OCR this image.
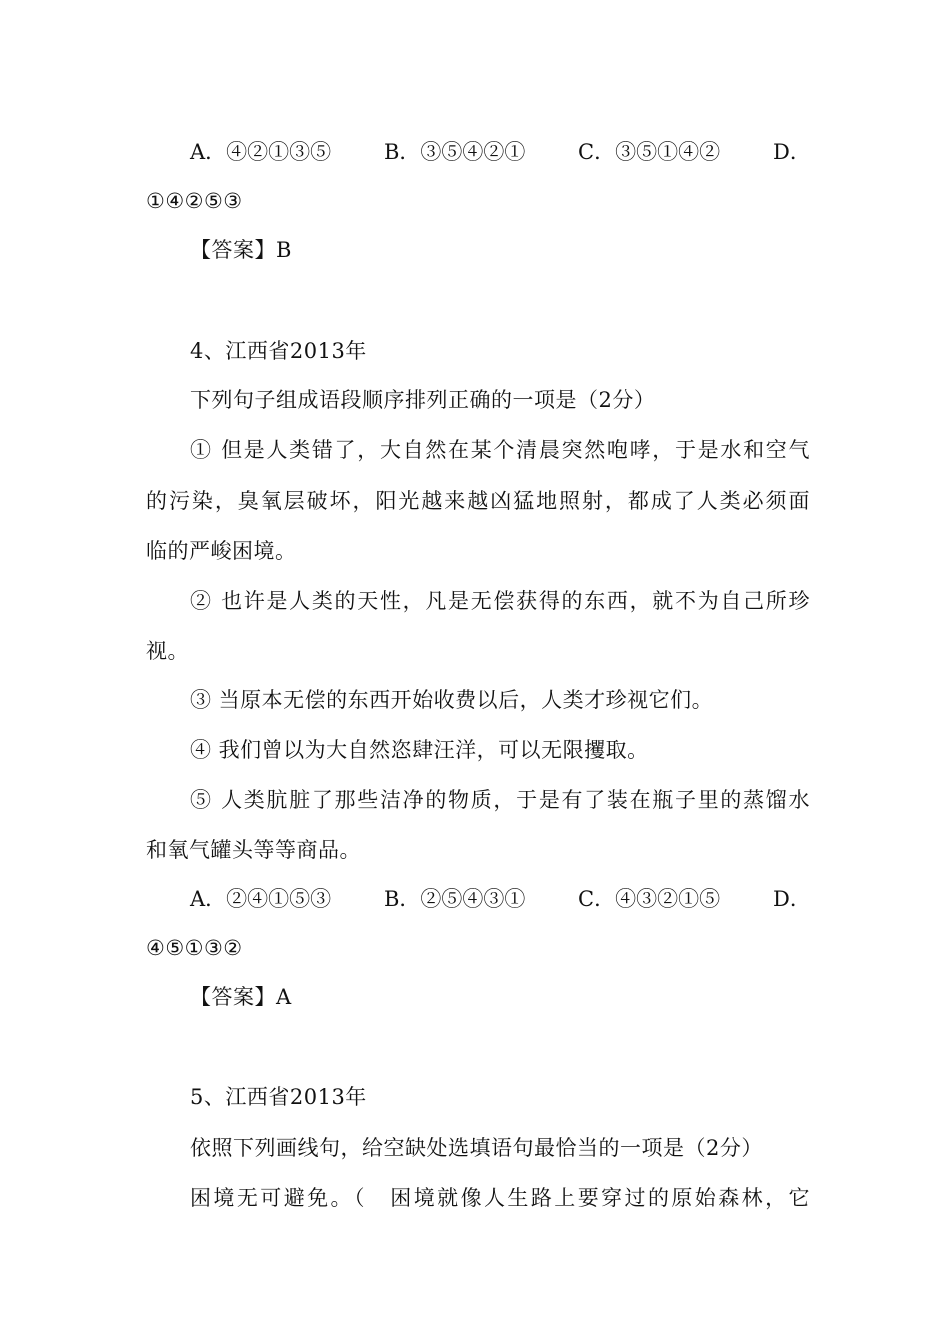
A．④②①③⑤	B．③⑤④②①	C．③⑤①④②	D．
①④②⑤③
【答案】B
4、江西省2013年
下列句子组成语段顺序排列正确的一项是（2分）
① 但是人类错了，大自然在某个清晨突然咆哮，于是水和空气
的污染，臭氧层破坏，阳光越来越凶猛地照射，都成了人类必须面
临的严峻困境。
② 也许是人类的天性，凡是无偿获得的东西，就不为自己所珍
视。
③ 当原本无偿的东西开始收费以后，人类才珍视它们。
④ 我们曾以为大自然恣肆汪洋，可以无限攫取。
⑤ 人类肮脏了那些洁净的物质，于是有了装在瓶子里的蒸馏水
和氧气罐头等等商品。
A．②④①⑤③	B．②⑤④③①	C．④③②①⑤	D．
④⑤①③②
【答案】A
5、江西省2013年
依照下列画线句，给空缺处选填语句最恰当的一项是（2分）
困境无可避免。（　困境就像人生路上要穿过的原始森林，它
